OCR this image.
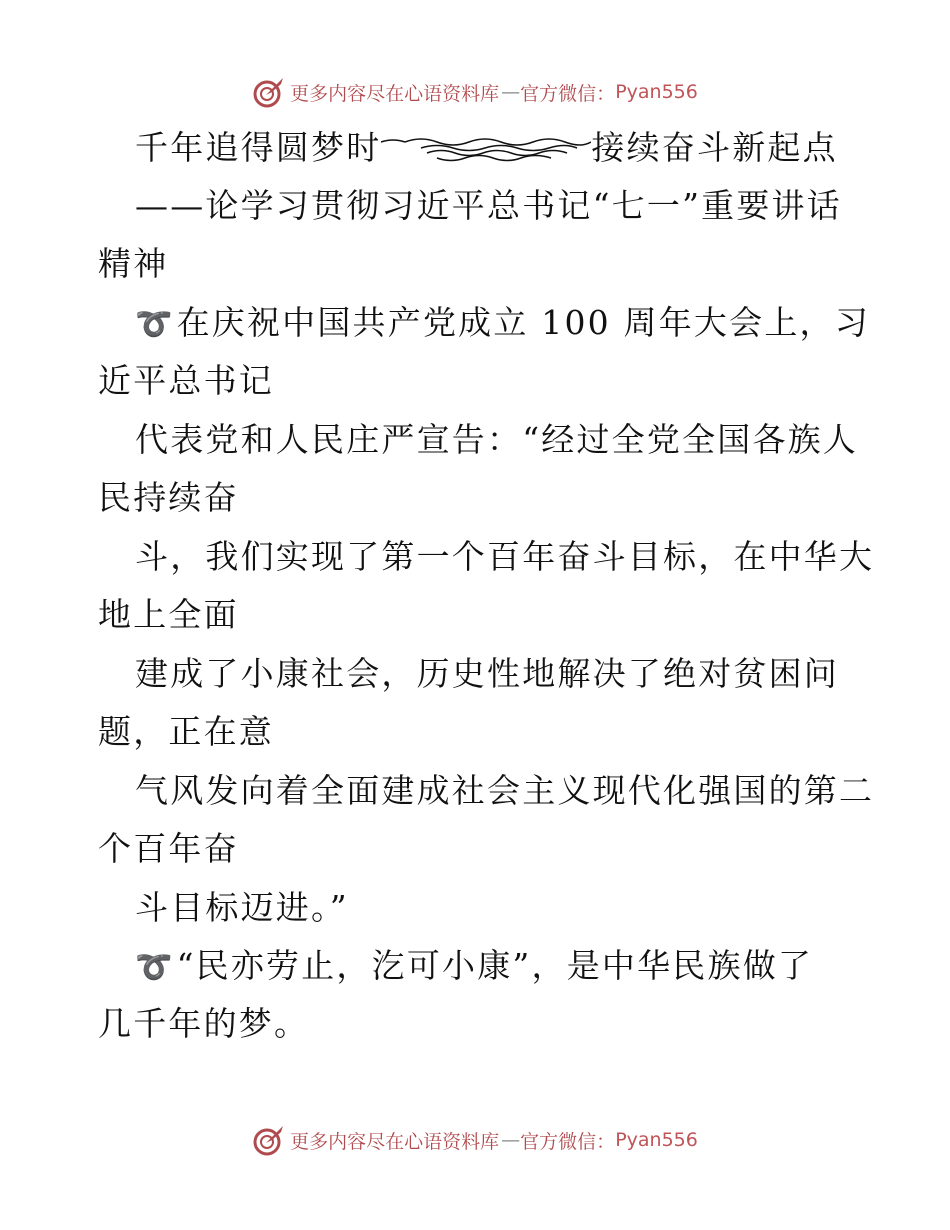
更多内容尽在心语资料库 — 官方微信： Pyan556
千年追得圆梦时	接续奋斗新起点
——论学习贯彻习近平总书记“七一”重要讲话
精神
➰在庆祝中国共产党成立 100 周年大会上，习
近平总书记
代表党和人民庄严宣告：“经过全党全国各族人
民持续奋
斗，我们实现了第一个百年奋斗目标，在中华大
地上全面
建成了小康社会，历史性地解决了绝对贫困问
题，正在意
气风发向着全面建成社会主义现代化强国的第二
个百年奋
斗目标迈进。”
➰“民亦劳止，汔可小康”，是中华民族做了
几千年的梦。
更多内容尽在心语资料库 — 官方微信： Pyan556
